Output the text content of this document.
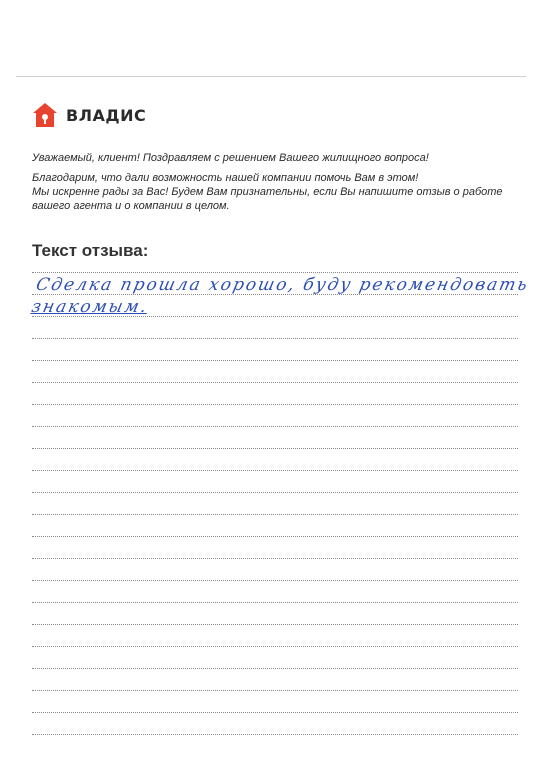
ВЛАДИС

Уважаемый, клиент! Поздравляем с решением Вашего жилищного вопроса!

Благодарим, что дали возможность нашей компании помочь Вам в этом!

Мы искренне рады за Вас! Будем Вам признательны, если Вы напишите отзыв о работе

вашего агента и о компании в целом.

Текст отзыва:
Сделка прошла хорошо, буду рекомендовать
знакомым.
